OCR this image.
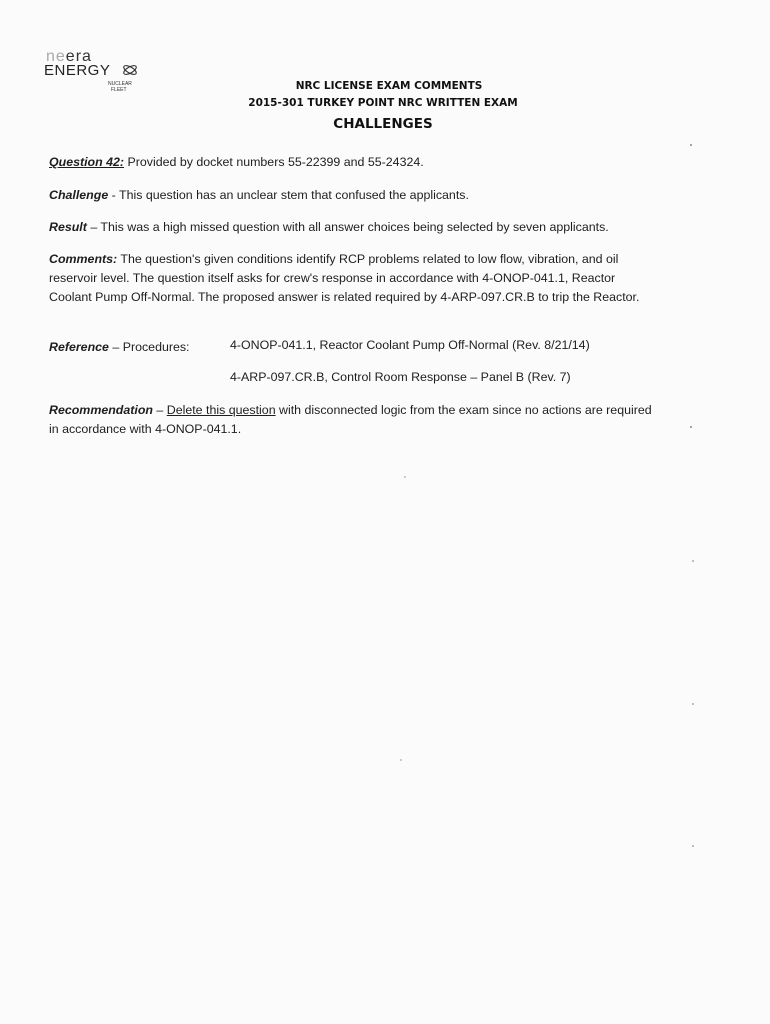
neera
ENERGY
NUCLEAR
FLEET	NRC LICENSE EXAM COMMENTS
2015-301 TURKEY POINT NRC WRITTEN EXAM
CHALLENGES
Question 42: Provided by docket numbers 55-22399 and 55-24324.
Challenge - This question has an unclear stem that confused the applicants.
Result – This was a high missed question with all answer choices being selected by seven applicants.
Comments: The question's given conditions identify RCP problems related to low flow, vibration, and oil
reservoir level. The question itself asks for crew's response in accordance with 4-ONOP-041.1, Reactor
Coolant Pump Off-Normal. The proposed answer is related required by 4-ARP-097.CR.B to trip the Reactor.
Reference – Procedures:	4-ONOP-041.1, Reactor Coolant Pump Off-Normal (Rev. 8/21/14)
4-ARP-097.CR.B, Control Room Response – Panel B (Rev. 7)
Recommendation – Delete this question with disconnected logic from the exam since no actions are required
in accordance with 4-ONOP-041.1.
